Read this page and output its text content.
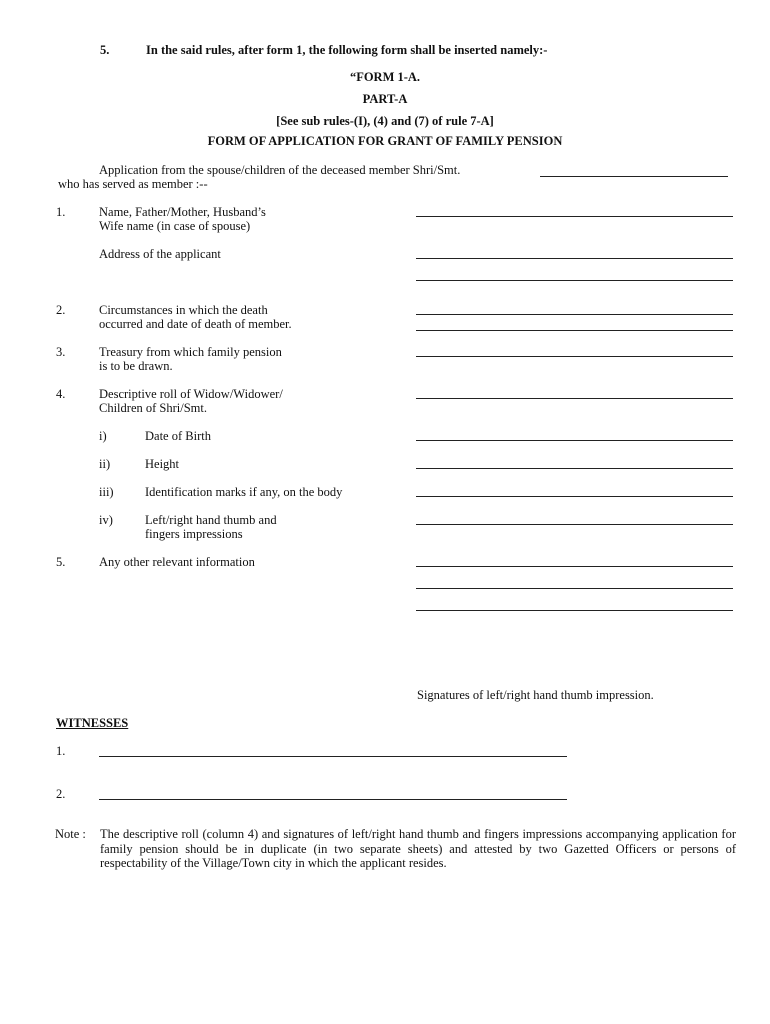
5.	In the said rules, after form 1, the following form shall be inserted namely:-
“FORM 1-A.
PART-A
[See sub rules-(I), (4) and (7) of rule 7-A]
FORM OF APPLICATION FOR GRANT OF FAMILY PENSION
Application from the spouse/children of the deceased member Shri/Smt.
who has served as member :--
1.	Name, Father/Mother, Husband’s
Wife name (in case of spouse)
Address of the applicant
2.	Circumstances in which the death
occurred and date of death of member.
3.	Treasury from which family pension
is to be drawn.
4.	Descriptive roll of Widow/Widower/
Children of Shri/Smt.
i)	Date of Birth
ii)	Height
iii)	Identification marks if any, on the body
iv)	Left/right hand thumb and
fingers impressions
5.	Any other relevant information
Signatures of left/right hand thumb impression.
WITNESSES
1.
2.
Note : The descriptive roll (column 4) and signatures of left/right hand thumb and fingers impressions accompanying application for family pension should be in duplicate (in two separate sheets) and attested by two Gazetted Officers or persons of respectability of the Village/Town city in which the applicant resides.
